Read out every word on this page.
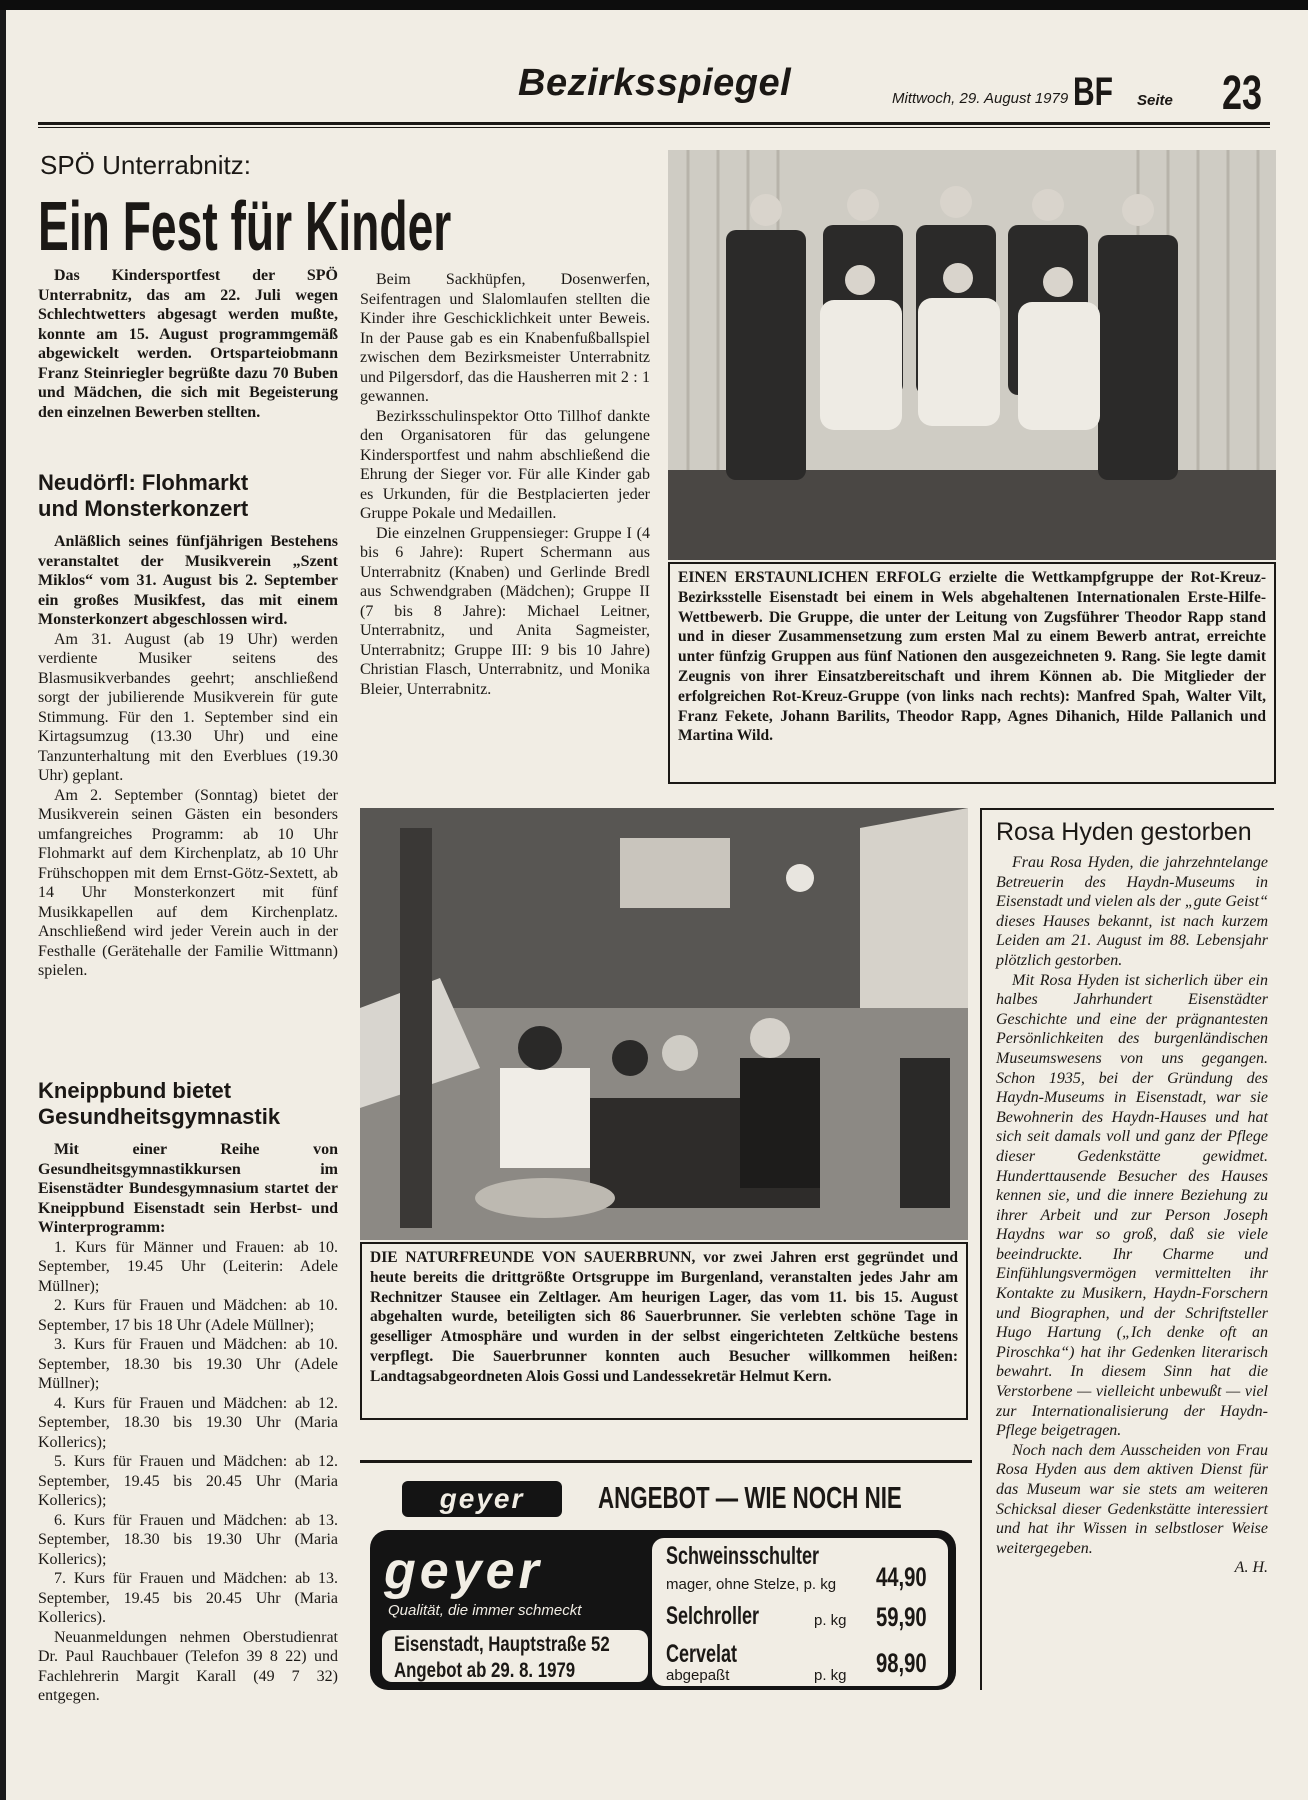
Bezirksspiegel	Mittwoch, 29. August 1979 BF Seite 23
SPÖ Unterrabnitz:
Ein Fest für Kinder

Das Kindersportfest der SPÖ Unterrabnitz, das am 22. Juli wegen Schlechtwetters abgesagt werden mußte, konnte am 15. August programmgemäß abgewickelt werden. Ortsparteiobmann Franz Steinriegler begrüßte dazu 70 Buben und Mädchen, die sich mit Begeisterung den einzelnen Bewerben stellten.

Beim Sackhüpfen, Dosenwerfen, Seifentragen und Slalomlaufen stellten die Kinder ihre Geschicklichkeit unter Beweis. In der Pause gab es ein Knabenfußballspiel zwischen dem Bezirksmeister Unterrabnitz und Pilgersdorf, das die Hausherren mit 2 : 1 gewannen.

Bezirksschulinspektor Otto Tillhof dankte den Organisatoren für das gelungene Kindersportfest und nahm abschließend die Ehrung der Sieger vor. Für alle Kinder gab es Urkunden, für die Bestplacierten jeder Gruppe Pokale und Medaillen.

Die einzelnen Gruppensieger: Gruppe I (4 bis 6 Jahre): Rupert Schermann aus Unterrabnitz (Knaben) und Gerlinde Bredl aus Schwendgraben (Mädchen); Gruppe II (7 bis 8 Jahre): Michael Leitner, Unterrabnitz, und Anita Sagmeister, Unterrabnitz; Gruppe III: 9 bis 10 Jahre) Christian Flasch, Unterrabnitz, und Monika Bleier, Unterrabnitz.

Neudörfl: Flohmarkt
und Monsterkonzert

Anläßlich seines fünfjährigen Bestehens veranstaltet der Musikverein „Szent Miklos“ vom 31. August bis 2. September ein großes Musikfest, das mit einem Monsterkonzert abgeschlossen wird.

Am 31. August (ab 19 Uhr) werden verdiente Musiker seitens des Blasmusikverbandes geehrt; anschließend sorgt der jubilierende Musikverein für gute Stimmung. Für den 1. September sind ein Kirtagsumzug (13.30 Uhr) und eine Tanzunterhaltung mit den Everblues (19.30 Uhr) geplant.

Am 2. September (Sonntag) bietet der Musikverein seinen Gästen ein besonders umfangreiches Programm: ab 10 Uhr Flohmarkt auf dem Kirchenplatz, ab 10 Uhr Frühschoppen mit dem Ernst-Götz-Sextett, ab 14 Uhr Monsterkonzert mit fünf Musikkapellen auf dem Kirchenplatz. Anschließend wird jeder Verein auch in der Festhalle (Gerätehalle der Familie Wittmann) spielen.

Kneippbund bietet
Gesundheitsgymnastik

Mit einer Reihe von Gesundheitsgymnastikkursen im Eisenstädter Bundesgymnasium startet der Kneippbund Eisenstadt sein Herbst- und Winterprogramm:

1. Kurs für Männer und Frauen: ab 10. September, 19.45 Uhr (Leiterin: Adele Müllner);

2. Kurs für Frauen und Mädchen: ab 10. September, 17 bis 18 Uhr (Adele Müllner);

3. Kurs für Frauen und Mädchen: ab 10. September, 18.30 bis 19.30 Uhr (Adele Müllner);

4. Kurs für Frauen und Mädchen: ab 12. September, 18.30 bis 19.30 Uhr (Maria Kollerics);

5. Kurs für Frauen und Mädchen: ab 12. September, 19.45 bis 20.45 Uhr (Maria Kollerics);

6. Kurs für Frauen und Mädchen: ab 13. September, 18.30 bis 19.30 Uhr (Maria Kollerics);

7. Kurs für Frauen und Mädchen: ab 13. September, 19.45 bis 20.45 Uhr (Maria Kollerics).

Neuanmeldungen nehmen Oberstudienrat Dr. Paul Rauchbauer (Telefon 39 8 22) und Fachlehrerin Margit Karall (49 7 32) entgegen.

EINEN ERSTAUNLICHEN ERFOLG erzielte die Wettkampfgruppe der Rot-Kreuz-Bezirksstelle Eisenstadt bei einem in Wels abgehaltenen Internationalen Erste-Hilfe-Wettbewerb. Die Gruppe, die unter der Leitung von Zugsführer Theodor Rapp stand und in dieser Zusammensetzung zum ersten Mal zu einem Bewerb antrat, erreichte unter fünfzig Gruppen aus fünf Nationen den ausgezeichneten 9. Rang. Sie legte damit Zeugnis von ihrer Einsatzbereitschaft und ihrem Können ab. Die Mitglieder der erfolgreichen Rot-Kreuz-Gruppe (von links nach rechts): Manfred Spah, Walter Vilt, Franz Fekete, Johann Barilits, Theodor Rapp, Agnes Dihanich, Hilde Pallanich und Martina Wild.
DIE NATURFREUNDE VON SAUERBRUNN, vor zwei Jahren erst gegründet und heute bereits die drittgrößte Ortsgruppe im Burgenland, veranstalten jedes Jahr am Rechnitzer Stausee ein Zeltlager. Am heurigen Lager, das vom 11. bis 15. August abgehalten wurde, beteiligten sich 86 Sauerbrunner. Sie verlebten schöne Tage in geselliger Atmosphäre und wurden in der selbst eingerichteten Zeltküche bestens verpflegt. Die Sauerbrunner konnten auch Besucher willkommen heißen: Landtagsabgeordneten Alois Gossi und Landessekretär Helmut Kern.
Rosa Hyden gestorben

Frau Rosa Hyden, die jahrzehntelange Betreuerin des Haydn-Museums in Eisenstadt und vielen als der „gute Geist“ dieses Hauses bekannt, ist nach kurzem Leiden am 21. August im 88. Lebensjahr plötzlich gestorben.

Mit Rosa Hyden ist sicherlich über ein halbes Jahrhundert Eisenstädter Geschichte und eine der prägnantesten Persönlichkeiten des burgenländischen Museumswesens von uns gegangen. Schon 1935, bei der Gründung des Haydn-Museums in Eisenstadt, war sie Bewohnerin des Haydn-Hauses und hat sich seit damals voll und ganz der Pflege dieser Gedenkstätte gewidmet. Hunderttausende Besucher des Hauses kennen sie, und die innere Beziehung zu ihrer Arbeit und zur Person Joseph Haydns war so groß, daß sie viele beeindruckte. Ihr Charme und Einfühlungsvermögen vermittelten ihr Kontakte zu Musikern, Haydn-Forschern und Biographen, und der Schriftsteller Hugo Hartung („Ich denke oft an Piroschka“) hat ihr Gedenken literarisch bewahrt. In diesem Sinn hat die Verstorbene — vielleicht unbewußt — viel zur Internationalisierung der Haydn-Pflege beigetragen.

Noch nach dem Ausscheiden von Frau Rosa Hyden aus dem aktiven Dienst für das Museum war sie stets am weiteren Schicksal dieser Gedenkstätte interessiert und hat ihr Wissen in selbstloser Weise weitergegeben.

A. H.

geyer	ANGEBOT — WIE NOCH NIE
geyer
Qualität, die immer schmeckt
Eisenstadt, Hauptstraße 52
Angebot ab 29. 8. 1979
Schweinsschulter
mager, ohne Stelze, p. kg 44,90
Selchroller	p. kg 59,90
Cervelat
abgepaßt	p. kg 98,90
